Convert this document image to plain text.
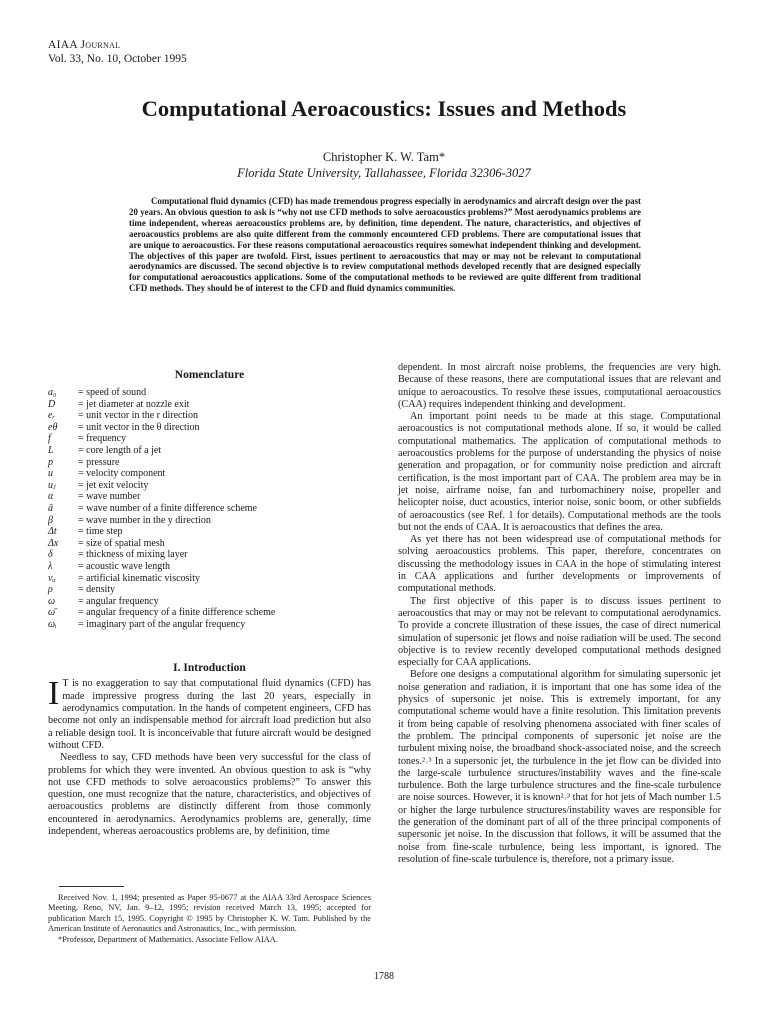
AIAA Journal
Vol. 33, No. 10, October 1995
Computational Aeroacoustics: Issues and Methods
Christopher K. W. Tam*
Florida State University, Tallahassee, Florida 32306-3027
Computational fluid dynamics (CFD) has made tremendous progress especially in aerodynamics and aircraft design over the past 20 years. An obvious question to ask is “why not use CFD methods to solve aeroacoustics problems?” Most aerodynamics problems are time independent, whereas aeroacoustics problems are, by definition, time dependent. The nature, characteristics, and objectives of aeroacoustics problems are also quite different from the commonly encountered CFD problems. There are computational issues that are unique to aeroacoustics. For these reasons computational aeroacoustics requires somewhat independent thinking and development. The objectives of this paper are twofold. First, issues pertinent to aeroacoustics that may or may not be relevant to computational aerodynamics are discussed. The second objective is to review computational methods developed recently that are designed especially for computational aeroacoustics applications. Some of the computational methods to be reviewed are quite different from traditional CFD methods. They should be of interest to the CFD and fluid dynamics communities.
Nomenclature
a₀	= speed of sound
D	= jet diameter at nozzle exit
eᵣ	= unit vector in the r direction
eθ	= unit vector in the θ direction
f	= frequency
L	= core length of a jet
p	= pressure
u	= velocity component
uⱼ	= jet exit velocity
α	= wave number
ā	= wave number of a finite difference scheme
β	= wave number in the y direction
Δt	= time step
Δx	= size of spatial mesh
δ	= thickness of mixing layer
λ	= acoustic wave length
νₐ	= artificial kinematic viscosity
ρ	= density
ω	= angular frequency
ω̄	= angular frequency of a finite difference scheme
ωᵢ	= imaginary part of the angular frequency
I. Introduction

I T is no exaggeration to say that computational fluid dynamics (CFD) has made impressive progress during the last 20 years, especially in aerodynamics computation. In the hands of competent engineers, CFD has become not only an indispensable method for aircraft load prediction but also a reliable design tool. It is inconceivable that future aircraft would be designed without CFD.

Needless to say, CFD methods have been very successful for the class of problems for which they were invented. An obvious question to ask is “why not use CFD methods to solve aeroacoustics problems?” To answer this question, one must recognize that the nature, characteristics, and objectives of aeroacoustics problems are distinctly different from those commonly encountered in aerodynamics. Aerodynamics problems are, generally, time independent, whereas aeroacoustics problems are, by definition, time

Received Nov. 1, 1994; presented as Paper 95-0677 at the AIAA 33rd Aerospace Sciences Meeting, Reno, NV, Jan. 9–12, 1995; revision received March 13, 1995; accepted for publication March 15, 1995. Copyright © 1995 by Christopher K. W. Tam. Published by the American Institute of Aeronautics and Astronautics, Inc., with permission.

*Professor, Department of Mathematics. Associate Fellow AIAA.

dependent. In most aircraft noise problems, the frequencies are very high. Because of these reasons, there are computational issues that are relevant and unique to aeroacoustics. To resolve these issues, computational aeroacoustics (CAA) requires independent thinking and development.

An important point needs to be made at this stage. Computational aeroacoustics is not computational methods alone. If so, it would be called computational mathematics. The application of computational methods to aeroacoustics problems for the purpose of understanding the physics of noise generation and propagation, or for community noise prediction and aircraft certification, is the most important part of CAA. The problem area may be in jet noise, airframe noise, fan and turbomachinery noise, propeller and helicopter noise, duct acoustics, interior noise, sonic boom, or other subfields of aeroacoustics (see Ref. 1 for details). Computational methods are the tools but not the ends of CAA. It is aeroacoustics that defines the area.

As yet there has not been widespread use of computational methods for solving aeroacoustics problems. This paper, therefore, concentrates on discussing the methodology issues in CAA in the hope of stimulating interest in CAA applications and further developments or improvements of computational methods.

The first objective of this paper is to discuss issues pertinent to aeroacoustics that may or may not be relevant to computational aerodynamics. To provide a concrete illustration of these issues, the case of direct numerical simulation of supersonic jet flows and noise radiation will be used. The second objective is to review recently developed computational methods designed especially for CAA applications.

Before one designs a computational algorithm for simulating supersonic jet noise generation and radiation, it is important that one has some idea of the physics of supersonic jet noise. This is extremely important, for any computational scheme would have a finite resolution. This limitation prevents it from being capable of resolving phenomena associated with finer scales of the problem. The principal components of supersonic jet noise are the turbulent mixing noise, the broadband shock-associated noise, and the screech tones.²˒³ In a supersonic jet, the turbulence in the jet flow can be divided into the large-scale turbulence structures/instability waves and the fine-scale turbulence. Both the large turbulence structures and the fine-scale turbulence are noise sources. However, it is known²˒³ that for hot jets of Mach number 1.5 or higher the large turbulence structures/instability waves are responsible for the generation of the dominant part of all of the three principal components of supersonic jet noise. In the discussion that follows, it will be assumed that the noise from fine-scale turbulence, being less important, is ignored. The resolution of fine-scale turbulence is, therefore, not a primary issue.

1788
